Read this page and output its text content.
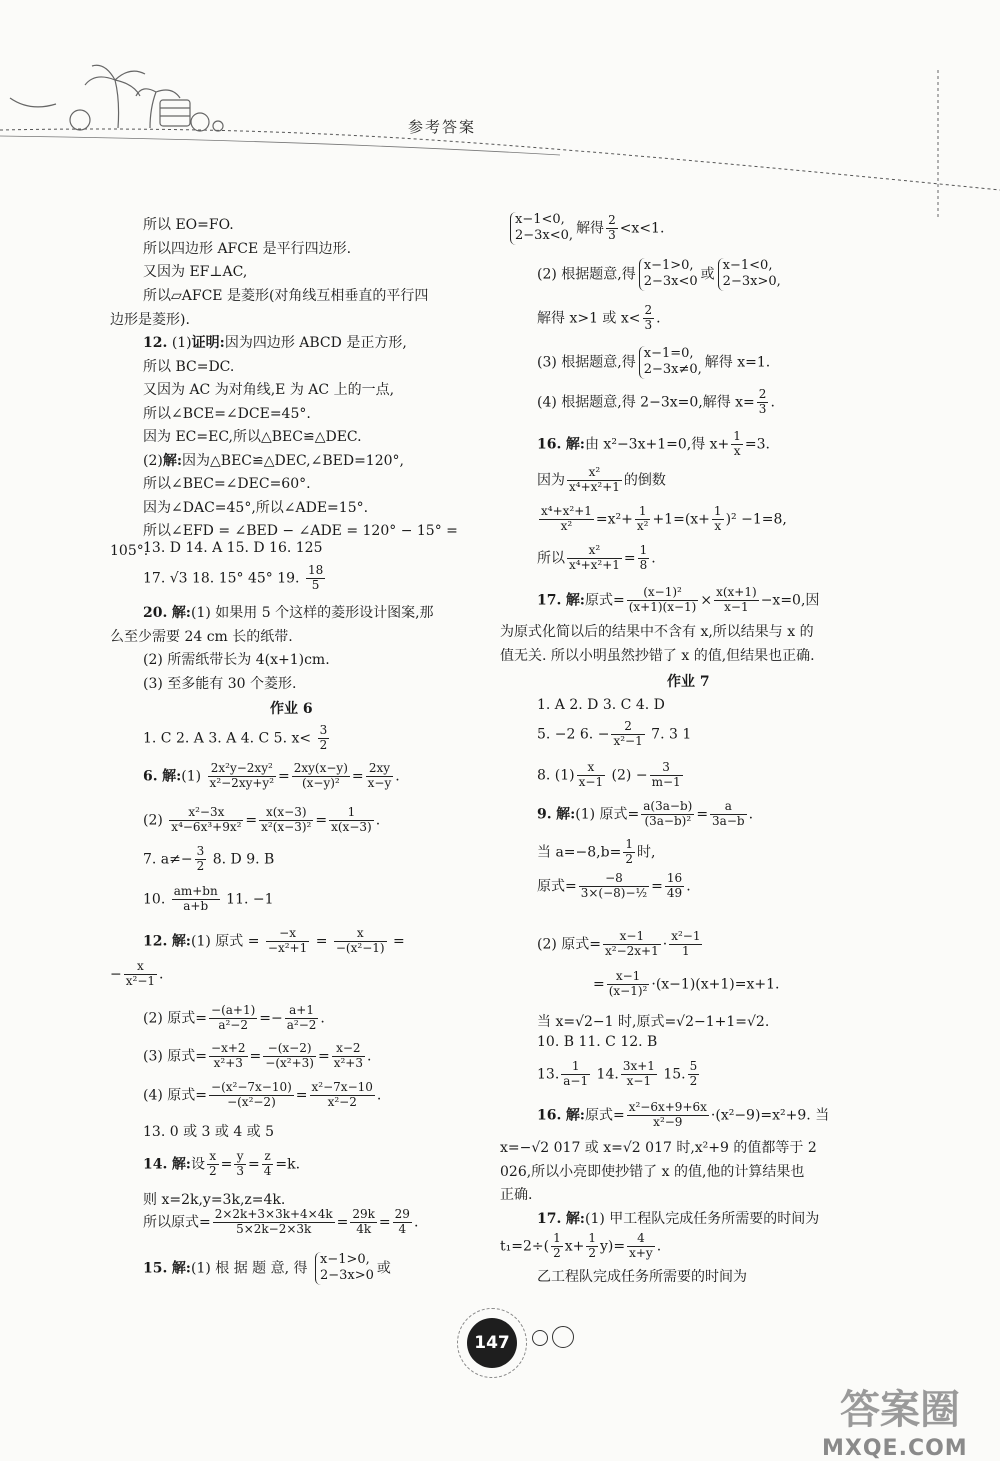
参考答案
所以 EO=FO.
所以四边形 AFCE 是平行四边形.
又因为 EF⊥AC,
所以▱AFCE 是菱形(对角线互相垂直的平行四
边形是菱形).
12. (1)证明:因为四边形 ABCD 是正方形,
所以 BC=DC.
又因为 AC 为对角线,E 为 AC 上的一点,
所以∠BCE=∠DCE=45°.
因为 EC=EC,所以△BEC≌△DEC.
(2)解:因为△BEC≌△DEC,∠BED=120°,
所以∠BEC=∠DEC=60°.
因为∠DAC=45°,所以∠ADE=15°.
所以∠EFD = ∠BED − ∠ADE = 120° − 15° =
105°.
13. D 14. A 15. D 16. 125
17. √3 18. 15° 45° 19. $\frac{18}{5}$
20. 解:(1) 如果用 5 个这样的菱形设计图案,那
么至少需要 24 cm 长的纸带.
(2) 所需纸带长为 4(x+1)cm.
(3) 至多能有 30 个菱形.
作业 6
1. C 2. A 3. A 4. C 5. $x< \frac{3}{2}$
6. 解:(1) $\frac{\text{2x²y−2xy²}}{\text{x²−2xy+y²}} = \frac{2xy(x-y)}{\text{(x−y)²}} = \frac{2xy}{x-y}$ .
$(2) \frac{\text{x²−3x}}{\text{x⁴−6x³+9x²}} = \frac{x(x-3)}{\text{x²(x−3)²}} = \frac{1}{x(x-3)}$ .
7. $a\ne- \frac{3}{2} 8$. D 9. B
10. $\frac{am+bn}{a+b} 11$. −1
12. 解:(1) 原式 = $\frac{-x}{\text{−x²+1}} = \frac{x}{\text{−(x²−1)}}$ =
− $\frac{x}{\text{x²−1}}$ .
(2) 原式= $\frac{-(a+1)}{\text{a²−2}} =- \frac{a+1}{\text{a²−2}}$ .
(3) 原式= $\frac{-x+2}{\text{x²+3}} = \frac{-(x-2)}{\text{−(x²+3)}} = \frac{x-2}{\text{x²+3}}$ .
(4) 原式= $\frac{\text{−(x²−7x−10)}}{\text{−(x²−2)}} = \frac{\text{x²−7x−10}}{\text{x²−2}}$ .
13. 0 或 3 或 4 或 5
14. 解:设 $\frac{x}{2} = \frac{y}{3} = \frac{z}{4} =k$.
则 x=2k,y=3k,z=4k.
所以原式= $\frac{2\times 2k+3\times 3k+4\times 4k}{5\times 2k-2\times 3k} = \frac{29k}{4k} = \frac{29}{4}$ .
15. 解:(1) 根 据 题 意, 得
x−1>0,
2−3x>0 或
x−1<0,
2−3x<0, 解得 $\frac{2}{3} <x<1$.
(2) 根据题意,得
x−1>0,
2−3x<0 或
x−1<0,
2−3x>0,
解得 x>1 或 $x< \frac{2}{3}$ .
(3) 根据题意,得
x−1=0,
2−3x≠0, 解得 x=1.
(4) 根据题意,得 2−3x=0,解得 $x= \frac{2}{3}$ .
16. 解:由 x²−3x+1=0,得 $x+ \frac{1}{x} =3$.
因为 $\frac{\text{x²}}{\text{x⁴+x²+1}}$ 的倒数
$\frac{\text{x⁴+x²+1}}{\text{x²}} =x^2+ \frac{1}{\text{x²}} +1=(x+ \frac{1}{x} )^2 -1=8$,
所以 $\frac{\text{x²}}{\text{x⁴+x²+1}} = \frac{1}{8}$ .
17. 解:原式= $\frac{\text{(x−1)²}}{(x+1)(x-1)} \times \frac{x(x+1)}{x-1} -x=0$,因
为原式化简以后的结果中不含有 x,所以结果与 x 的
值无关. 所以小明虽然抄错了 x 的值,但结果也正确.
作业 7
1. A 2. D 3. C 4. D
5. −2 6. − $\frac{2}{\text{x²−1}} 7$. 3 1
8. $(1) \frac{x}{x-1} (2) - \frac{3}{m-1}$
9. 解:(1) 原式= $\frac{a(3a-b)}{\text{(3a−b)²}} = \frac{a}{3a-b}$ .
当 $a=-8,b= \frac{1}{2}$ 时,
原式= $\frac{-8}{\text{3×(−8)−½}} = \frac{16}{49}$ .
(2) 原式= $\frac{x-1}{\text{x²−2x+1}} \cdot \frac{\text{x²−1}}{1}$
= $\frac{x-1}{\text{(x−1)²}} \cdot(x-1)(x+1)=x+1$.
当 x=√2−1 时,原式=√2−1+1=√2.
10. B 11. C 12. B
13. $\frac{1}{a-1} 14$. $\frac{3x+1}{x-1} 15$. $\frac{5}{2}$
16. 解:原式= $\frac{\text{x²−6x+9+6x}}{\text{x²−9}} \cdot(x^2-9)=x^2+9$. 当
x=−√2 017 或 x=√2 017 时,x²+9 的值都等于 2
026,所以小亮即使抄错了 x 的值,他的计算结果也
正确.
17. 解:(1) 甲工程队完成任务所需要的时间为
$t_1=2\div( \frac{1}{2} x+ \frac{1}{2} y)= \frac{4}{x+y}$ .
乙工程队完成任务所需要的时间为
147
答案圈
MXQE.COM
